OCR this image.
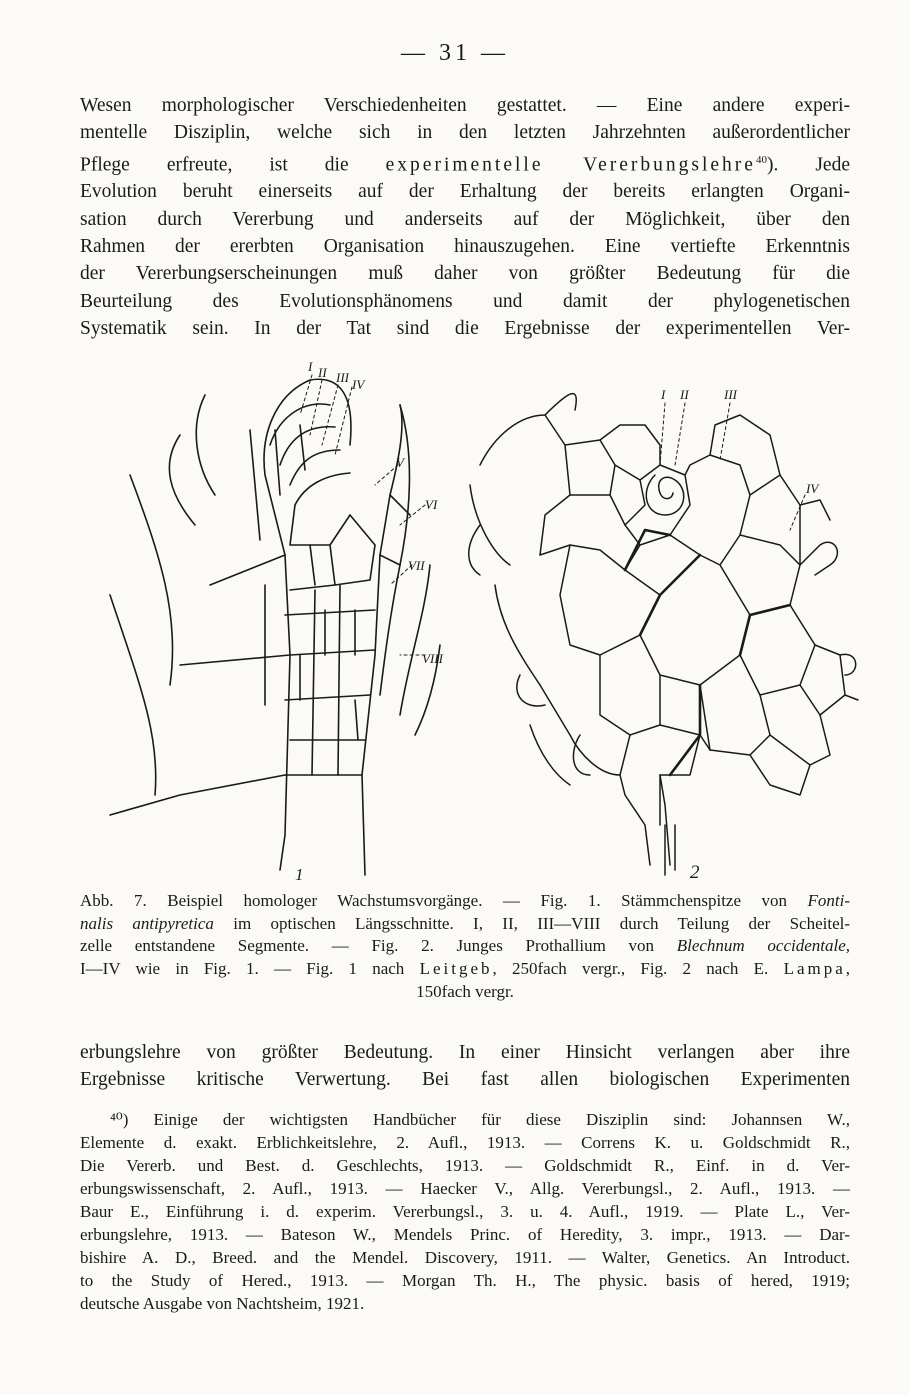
— 31 —
Wesen morphologischer Verschiedenheiten gestattet. — Eine andere experi-
mentelle Disziplin, welche sich in den letzten Jahrzehnten außerordentlicher
Pflege erfreute, ist die experimentelle Vererbungslehre$^{40}$). Jede
Evolution beruht einerseits auf der Erhaltung der bereits erlangten Organi-
sation durch Vererbung und anderseits auf der Möglichkeit, über den
Rahmen der ererbten Organisation hinauszugehen. Eine vertiefte Erkenntnis
der Vererbungserscheinungen muß daher von größter Bedeutung für die
Beurteilung des Evolutionsphänomens und damit der phylogenetischen
Systematik sein. In der Tat sind die Ergebnisse der experimentellen Ver-
I II III IV
V
VI
VII
VIII
1
I II	III
IV
2
Abb. 7. Beispiel homologer Wachstumsvorgänge. — Fig. 1. Stämmchenspitze von Fonti-
nalis antipyretica im optischen Längsschnitte. I, II, III—VIII durch Teilung der Scheitel-
zelle entstandene Segmente. — Fig. 2. Junges Prothallium von Blechnum occidentale,
I—IV wie in Fig. 1. — Fig. 1 nach Leitgeb, 250fach vergr., Fig. 2 nach E. Lampa,
150fach vergr.
erbungslehre von größter Bedeutung. In einer Hinsicht verlangen aber ihre
Ergebnisse kritische Verwertung. Bei fast allen biologischen Experimenten
⁴⁰) Einige der wichtigsten Handbücher für diese Disziplin sind: Johannsen W.,
Elemente d. exakt. Erblichkeitslehre, 2. Aufl., 1913. — Correns K. u. Goldschmidt R.,
Die Vererb. und Best. d. Geschlechts, 1913. — Goldschmidt R., Einf. in d. Ver-
erbungswissenschaft, 2. Aufl., 1913. — Haecker V., Allg. Vererbungsl., 2. Aufl., 1913. —
Baur E., Einführung i. d. experim. Vererbungsl., 3. u. 4. Aufl., 1919. — Plate L., Ver-
erbungslehre, 1913. — Bateson W., Mendels Princ. of Heredity, 3. impr., 1913. — Dar-
bishire A. D., Breed. and the Mendel. Discovery, 1911. — Walter, Genetics. An Introduct.
to the Study of Hered., 1913. — Morgan Th. H., The physic. basis of hered, 1919;
deutsche Ausgabe von Nachtsheim, 1921.
